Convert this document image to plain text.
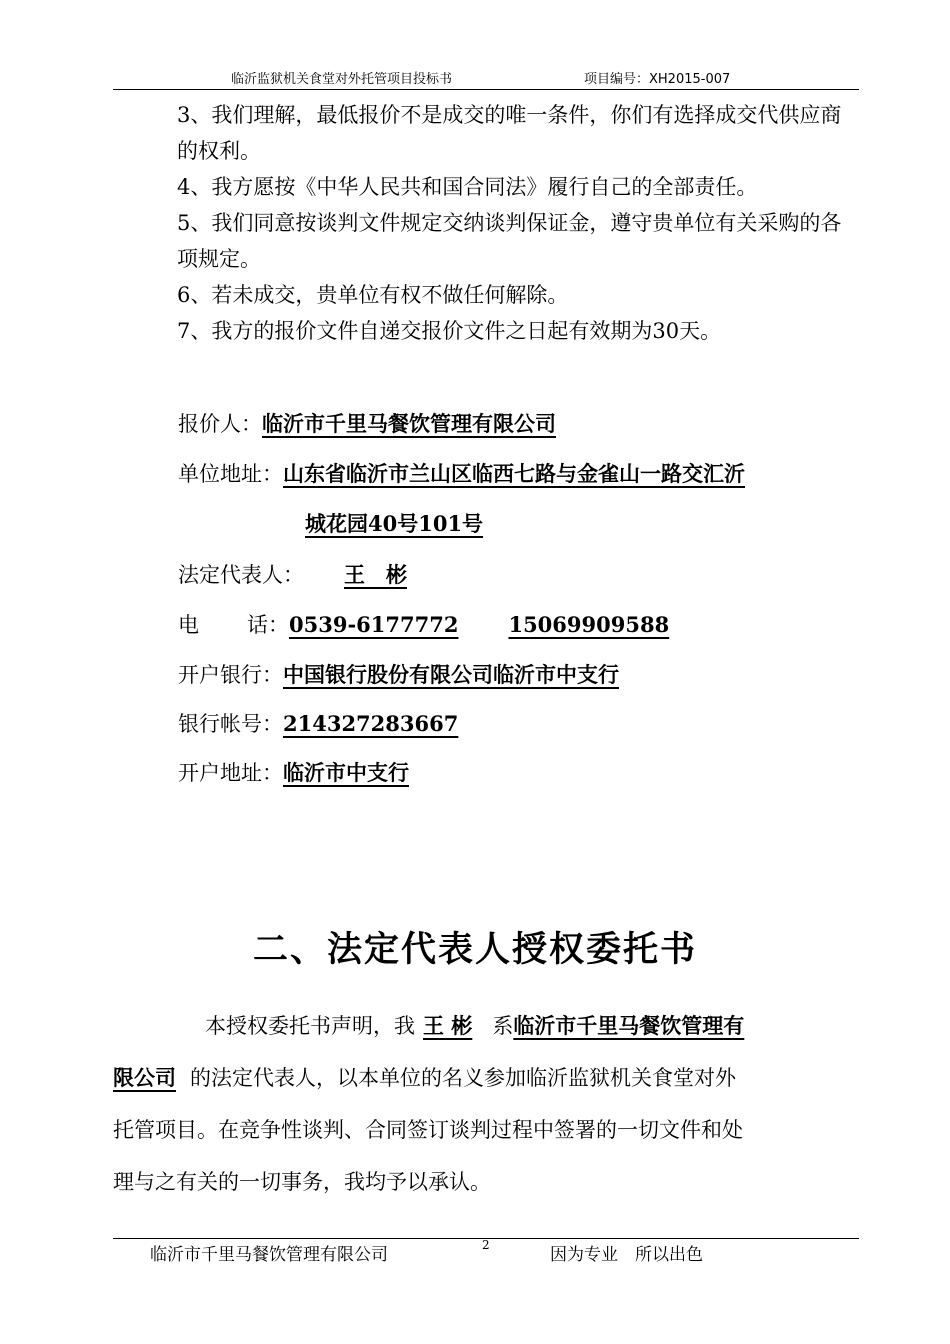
临沂监狱机关食堂对外托管项目投标书	项目编号：XH2015-007
3、我们理解，最低报价不是成交的唯一条件，你们有选择成交代供应商的权利。
4、我方愿按《中华人民共和国合同法》履行自己的全部责任。
5、我们同意按谈判文件规定交纳谈判保证金，遵守贵单位有关采购的各项规定。
6、若未成交，贵单位有权不做任何解除。
7、我方的报价文件自递交报价文件之日起有效期为30天。
报价人：临沂市千里马餐饮管理有限公司
单位地址：山东省临沂市兰山区临西七路与金雀山一路交汇沂
城花园40号101号
法定代表人： 王　彬
电 话：0539-6177772 15069909588
开户银行：中国银行股份有限公司临沂市中支行
银行帐号：214327283667
开户地址：临沂市中支行
二、法定代表人授权委托书
本授权委托书声明，我 王 彬 系临沂市千里马餐饮管理有
限公司 的法定代表人，以本单位的名义参加临沂监狱机关食堂对外
托管项目。在竞争性谈判、合同签订谈判过程中签署的一切文件和处
理与之有关的一切事务，我均予以承认。
临沂市千里马餐饮管理有限公司	2	因为专业　所以出色
